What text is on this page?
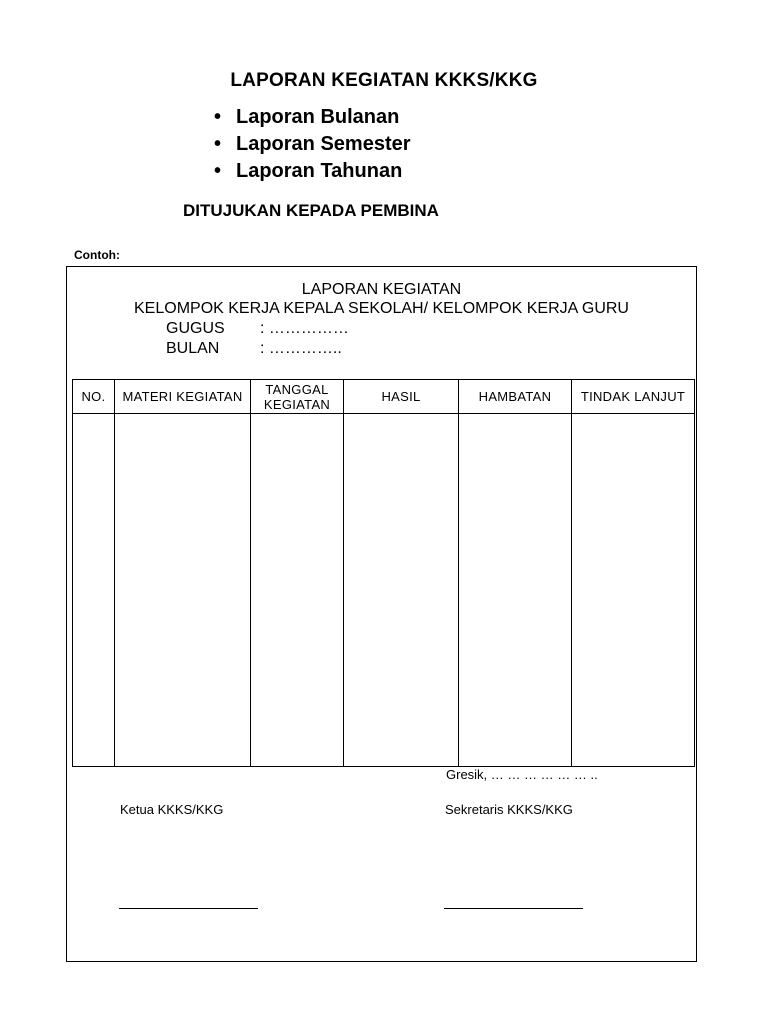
LAPORAN KEGIATAN KKKS/KKG
• Laporan Bulanan
• Laporan Semester
• Laporan Tahunan
DITUJUKAN KEPADA PEMBINA
Contoh:
LAPORAN KEGIATAN
KELOMPOK KERJA KEPALA SEKOLAH/ KELOMPOK KERJA GURU
GUGUS : ……………
BULAN	: …………..
NO.	MATERI KEGIATAN	TANGGAL KEGIATAN	HASIL	HAMBATAN	TINDAK LANJUT

Gresik, … … … … … … ..
Ketua KKKS/KKG	Sekretaris KKKS/KKG
